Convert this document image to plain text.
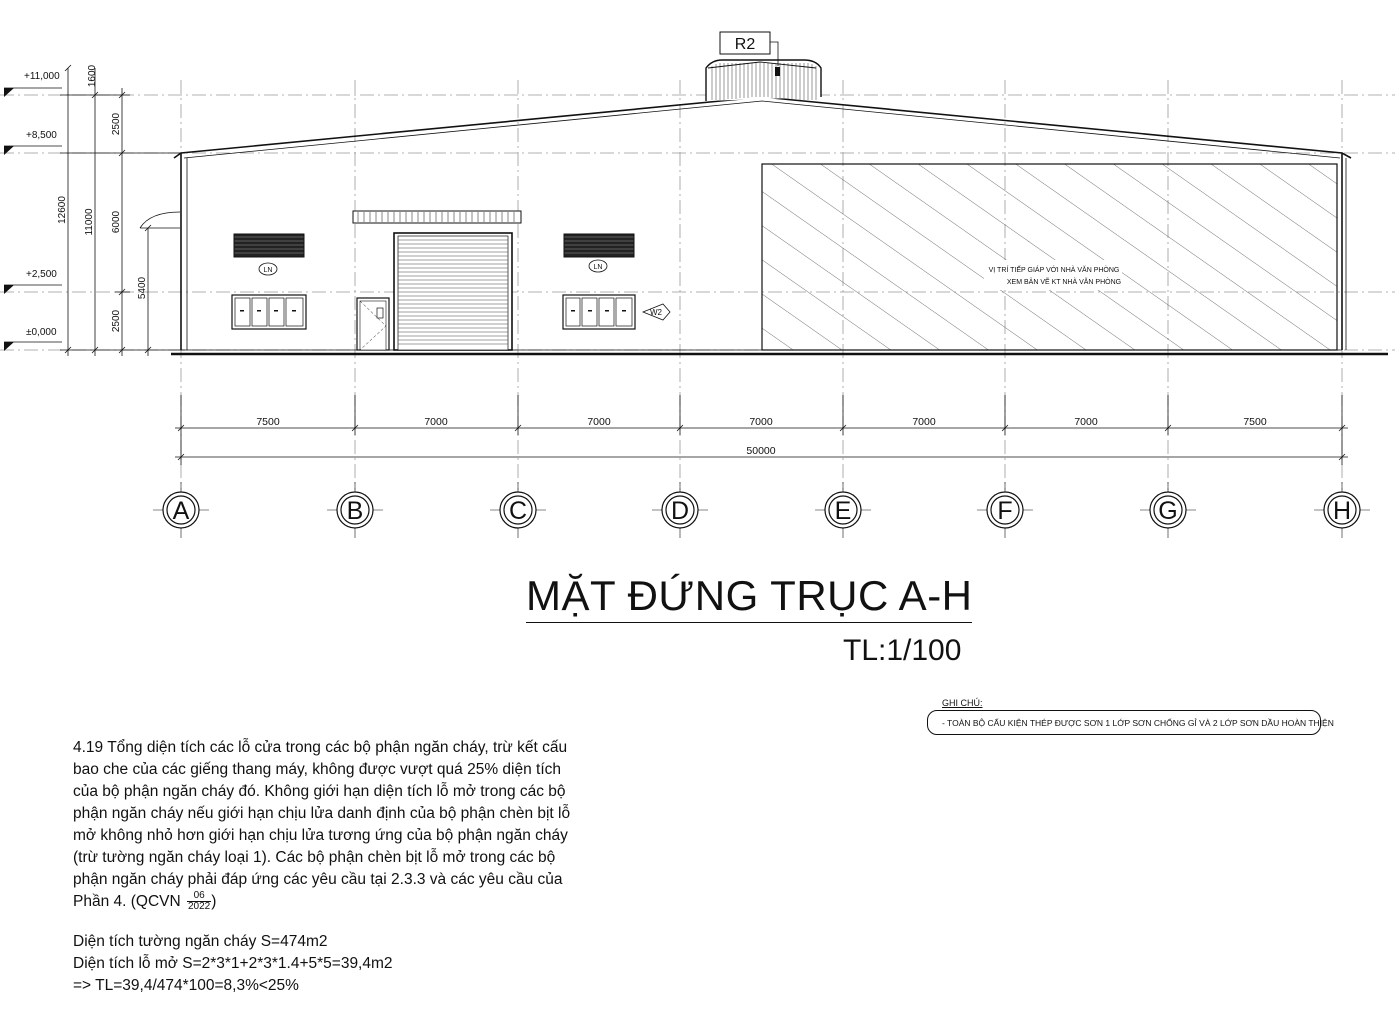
+11,000
+8,500
+2,500
±0,000
12600 11000
1600
2500
6000
2500
5400
R2
LN	LN
W2
VỊ TRÍ TIẾP GIÁP VỚI NHÀ VĂN PHÒNG
XEM BẢN VẼ KT NHÀ VĂN PHÒNG
7500	7000	7000	7000	7000	7000	7500
50000
A	B	C	D	E	F	G	H
MẶT ĐỨNG TRỤC A-H
TL:1/100
GHI CHÚ:
- TOÀN BỘ CẤU KIỆN THÉP ĐƯỢC SƠN 1 LỚP SƠN CHỐNG GỈ VÀ 2 LỚP SƠN DẦU HOÀN THIỆN

4.19 Tổng diện tích các lỗ cửa trong các bộ phận ngăn cháy, trừ kết cấu

bao che của các giếng thang máy, không được vượt quá 25% diện tích

của bộ phận ngăn cháy đó. Không giới hạn diện tích lỗ mở trong các bộ

phận ngăn cháy nếu giới hạn chịu lửa danh định của bộ phận chèn bịt lỗ

mở không nhỏ hơn giới hạn chịu lửa tương ứng của bộ phận ngăn cháy

(trừ tường ngăn cháy loại 1). Các bộ phận chèn bịt lỗ mở trong các bộ

phận ngăn cháy phải đáp ứng các yêu cầu tại 2.3.3 và các yêu cầu của

Phần 4. (QCVN $\frac{06}{2022}$ )

Diện tích tường ngăn cháy S=474m2
Diện tích lỗ mở S=2*3*1+2*3*1.4+5*5=39,4m2
=> TL=39,4/474*100=8,3%<25%
